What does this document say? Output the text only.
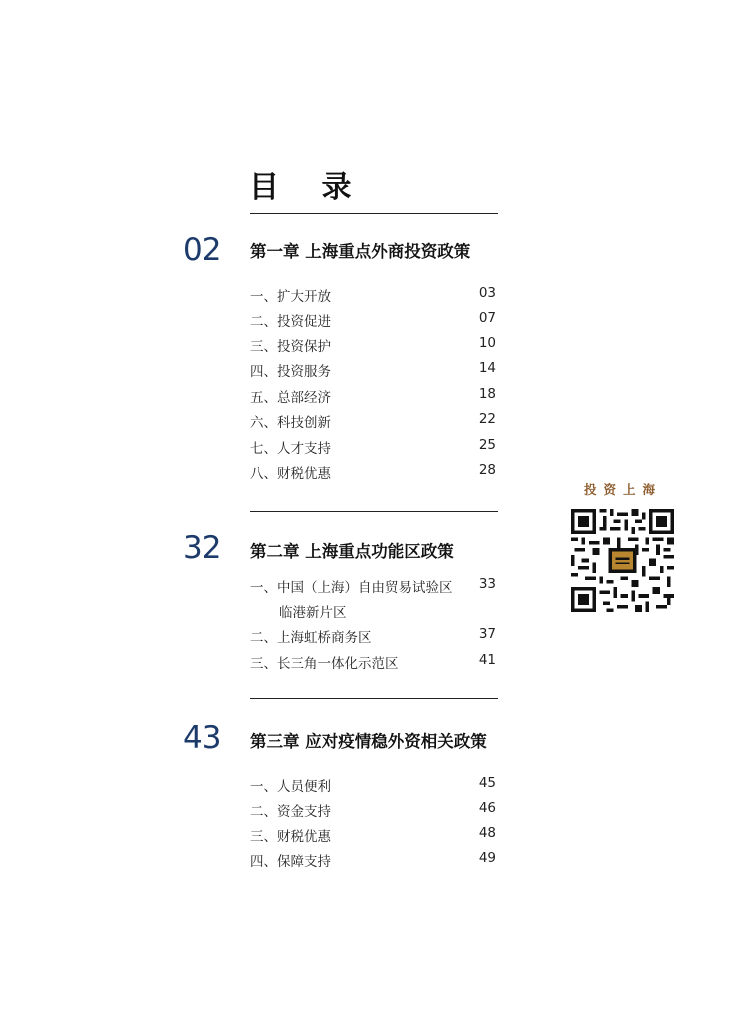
目 录
02 第一章 上海重点外商投资政策
一、扩大开放	03
二、投资促进	07
三、投资保护	10
四、投资服务	14
五、总部经济	18
六、科技创新	22
七、人才支持	25
八、财税优惠	28
32 第二章 上海重点功能区政策
一、中国（上海）自由贸易试验区 33
临港新片区
二、上海虹桥商务区	37
三、长三角一体化示范区	41
43 第三章 应对疫情稳外资相关政策
一、人员便利	45
二、资金支持	46
三、财税优惠	48
四、保障支持	49
投资上海
